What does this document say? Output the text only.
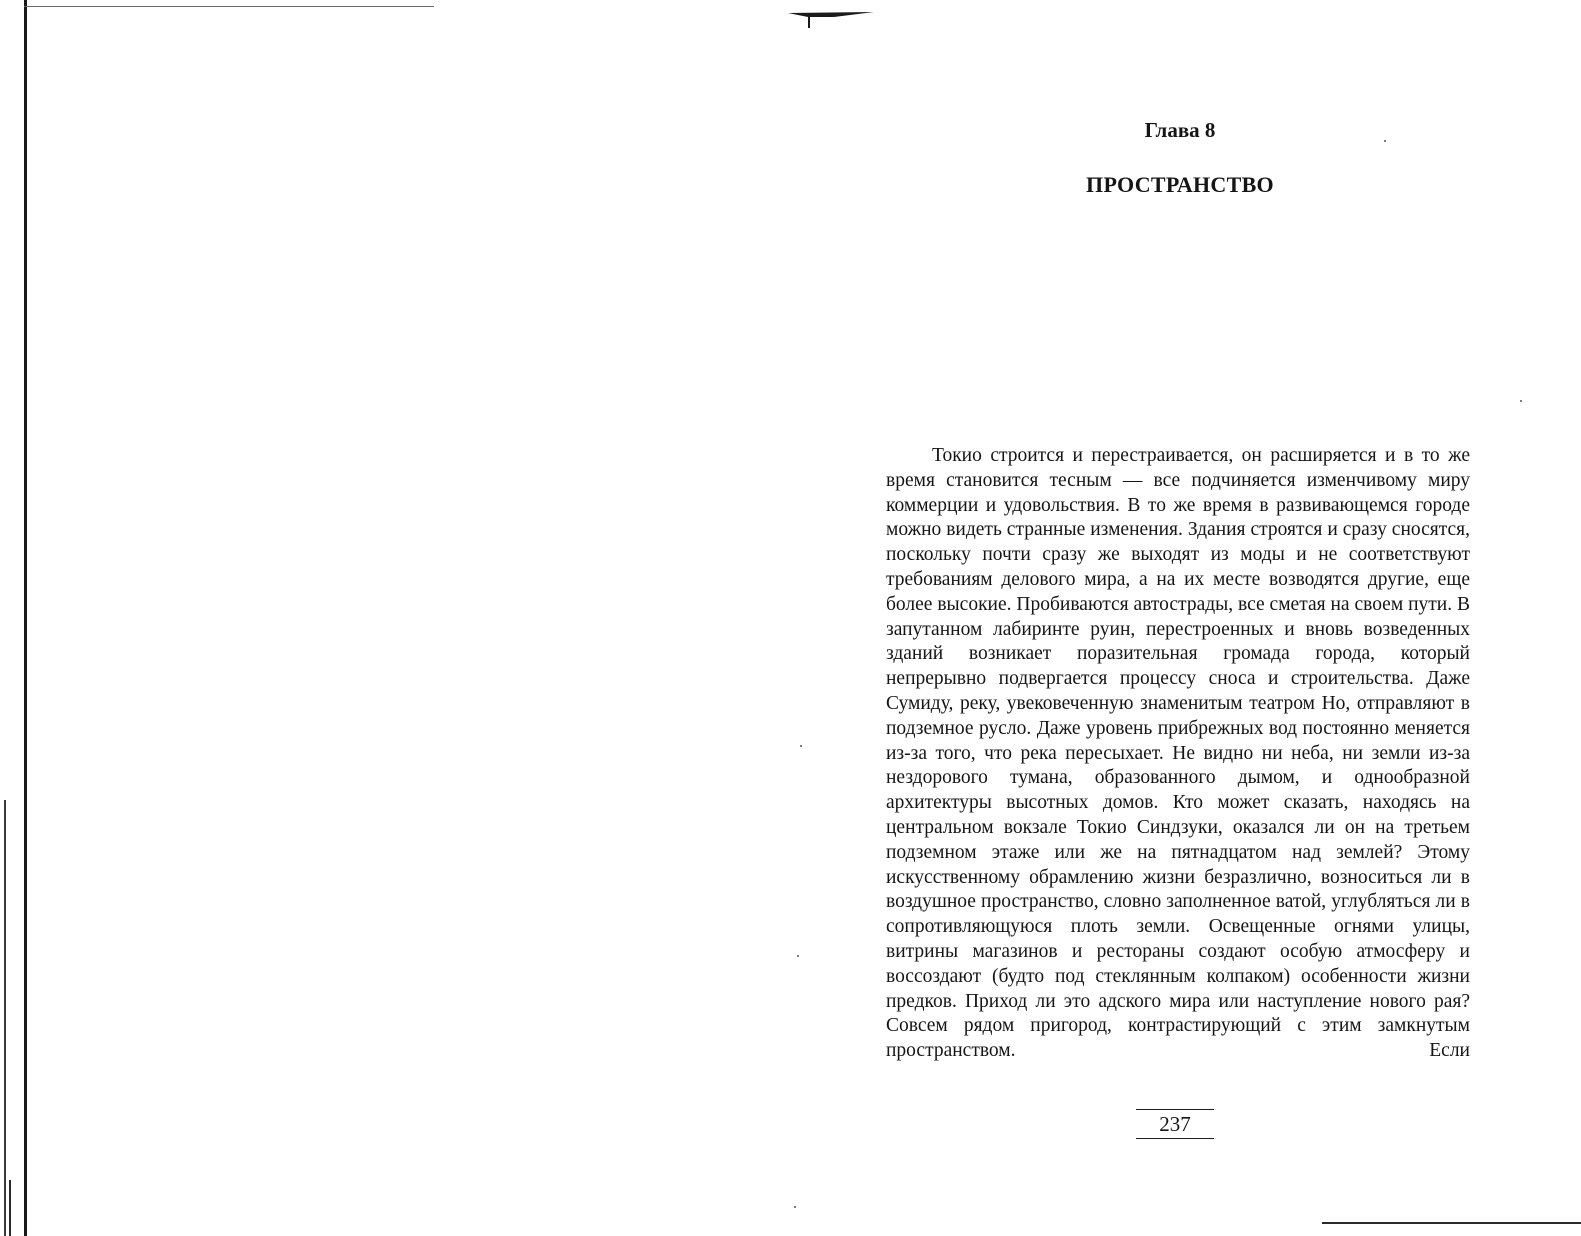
Глава 8
ПРОСТРАНСТВО

Токио строится и перестраивается, он расширяется и в то же время становится тесным — все подчиняется изменчивому миру коммерции и удовольствия. В то же время в развивающемся городе можно видеть странные изменения. Здания строятся и сразу сносятся, поскольку почти сразу же выходят из моды и не соответствуют требованиям делового мира, а на их месте возводятся другие, еще более высокие. Пробиваются автострады, все сметая на своем пути. В запутанном лабиринте руин, перестроенных и вновь возведенных зданий возникает поразительная громада города, который непрерывно подвергается процессу сноса и строительства. Даже Сумиду, реку, увековеченную знаменитым театром Но, отправляют в подземное русло. Даже уровень прибрежных вод постоянно меняется из-за того, что река пересыхает. Не видно ни неба, ни земли из-за нездорового тумана, образованного дымом, и однообразной архитектуры высотных домов. Кто может сказать, находясь на центральном вокзале Токио Синдзуки, оказался ли он на третьем подземном этаже или же на пятнадцатом над землей? Этому искусственному обрамлению жизни безразлично, возноситься ли в воздушное пространство, словно заполненное ватой, углубляться ли в сопротивляющуюся плоть земли. Освещенные огнями улицы, витрины магазинов и рестораны создают особую атмосферу и воссоздают (будто под стеклянным колпаком) особенности жизни предков. Приход ли это адского мира или наступление нового рая? Совсем рядом пригород, контрастирующий с этим замкнутым пространством. Если

237
